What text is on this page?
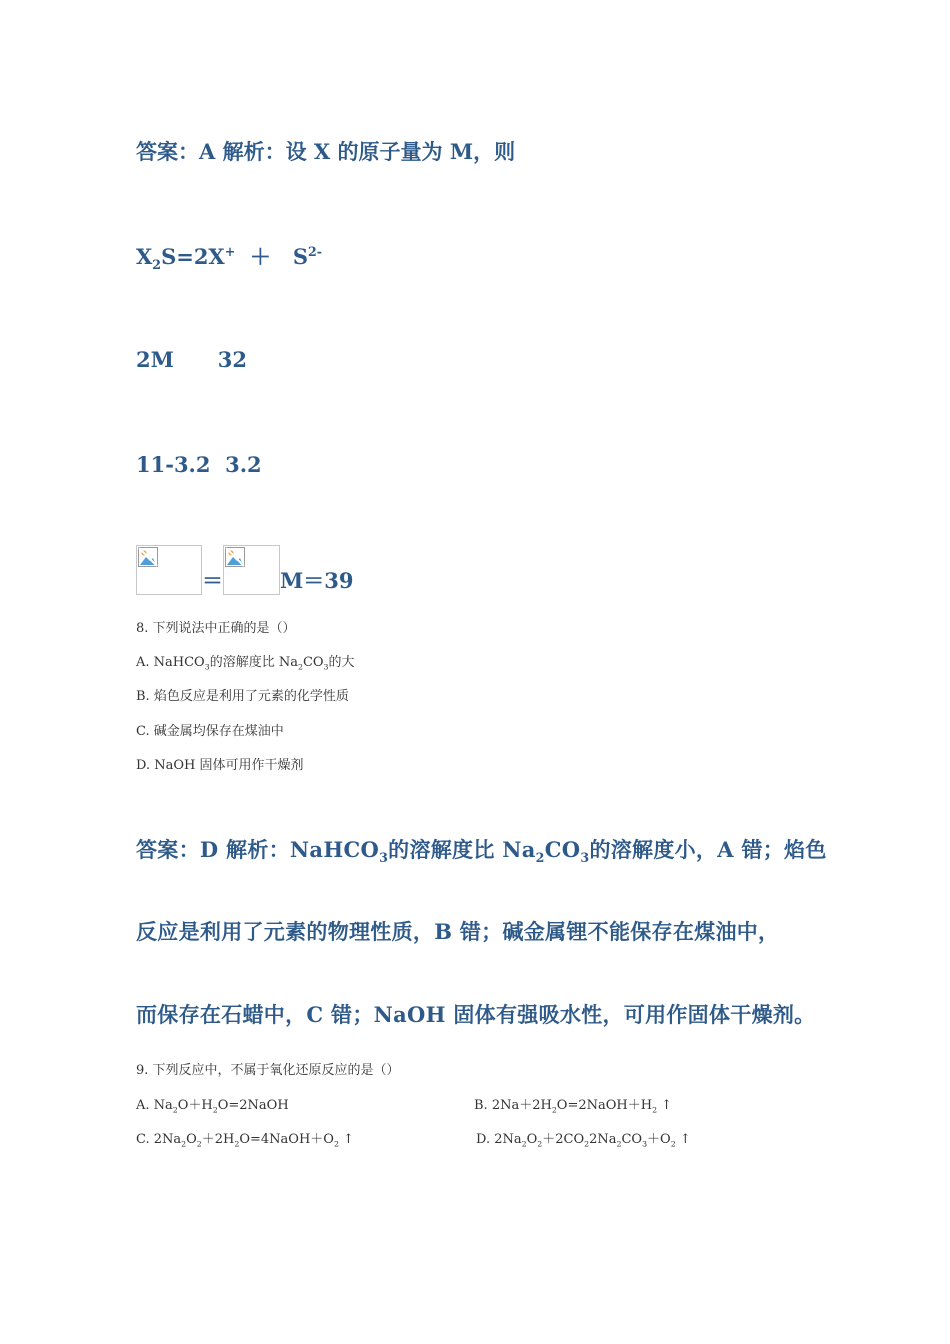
答案：A 解析：设 X 的原子量为 M，则
$X_2S=2X^+ + S^{2-}$
2M      32
11-3.2  3.2
＝	M＝39
8. 下列说法中正确的是（）
A. NaHCO$_3$的溶解度比 $Na_2CO_3$的大
B. 焰色反应是利用了元素的化学性质
C. 碱金属均保存在煤油中
D. NaOH 固体可用作干燥剂
答案：D 解析：NaHCO$_3$的溶解度比 $Na_2CO_3$的溶解度小，A 错；焰色
反应是利用了元素的物理性质，B 错；碱金属锂不能保存在煤油中，
而保存在石蜡中，C 错；NaOH 固体有强吸水性，可用作固体干燥剂。
9. 下列反应中，不属于氧化还原反应的是（）
A. $Na_2O+H_2O=2NaOH$	B. $2Na+2H_2O=2NaOH+H_2$ ↑
C. $2Na_2O_2+2H_2O=4NaOH+O_2$ ↑	D. $2Na_2O_2+2CO_22Na_2CO_3+O_2$ ↑
